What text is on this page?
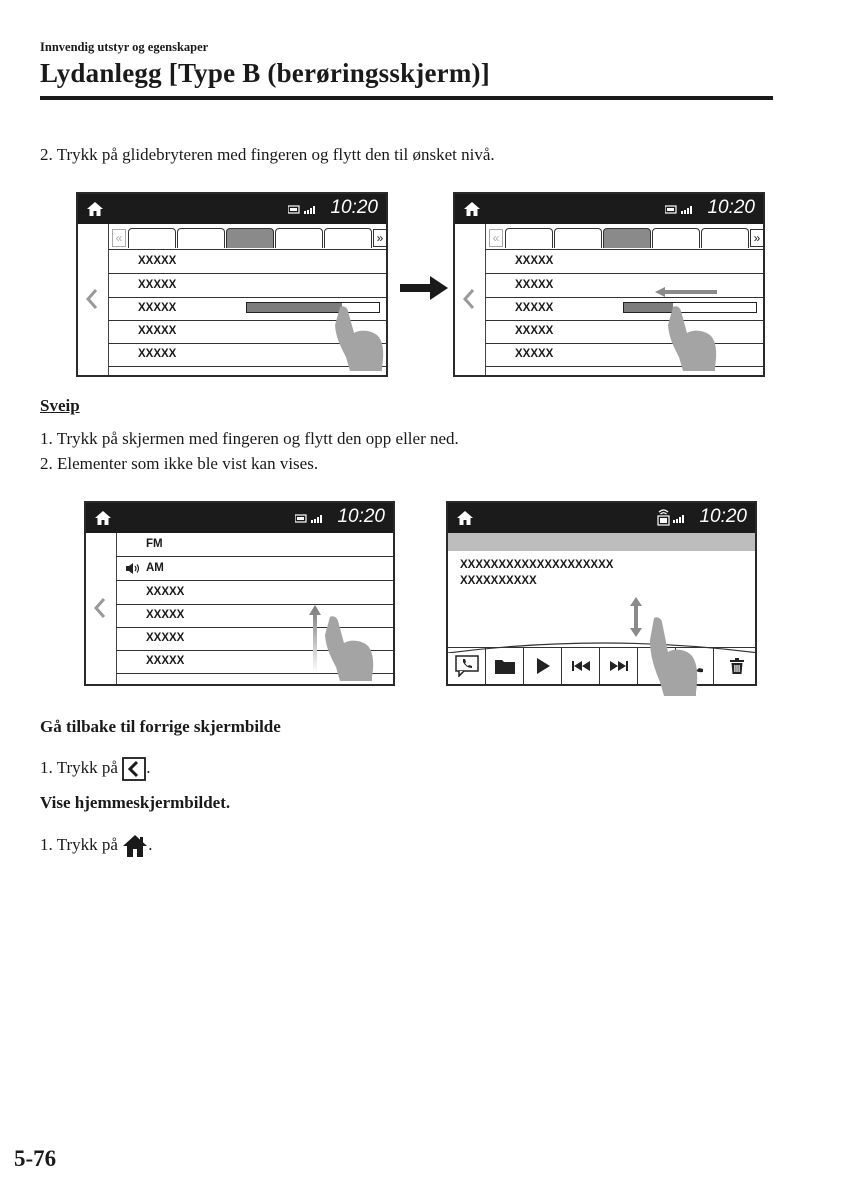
Innvendig utstyr og egenskaper
Lydanlegg [Type B (berøringsskjerm)]
2. Trykk på glidebryteren med fingeren og flytt den til ønsket nivå.
10:20
«	»
XXXXX
XXXXX
XXXXX
XXXXX
XXXXX
10:20
«	»
XXXXX
XXXXX
XXXXX
XXXXX
XXXXX
Sveip
1. Trykk på skjermen med fingeren og flytt den opp eller ned.
2. Elementer som ikke ble vist kan vises.
10:20
FM
AM
XXXXX
XXXXX
XXXXX
XXXXX
10:20
XXXXXXXXXXXXXXXXXXXX
XXXXXXXXXX
Gå tilbake til forrige skjermbilde
1. Trykk på .
Vise hjemmeskjermbildet.
1. Trykk på .
5-76
